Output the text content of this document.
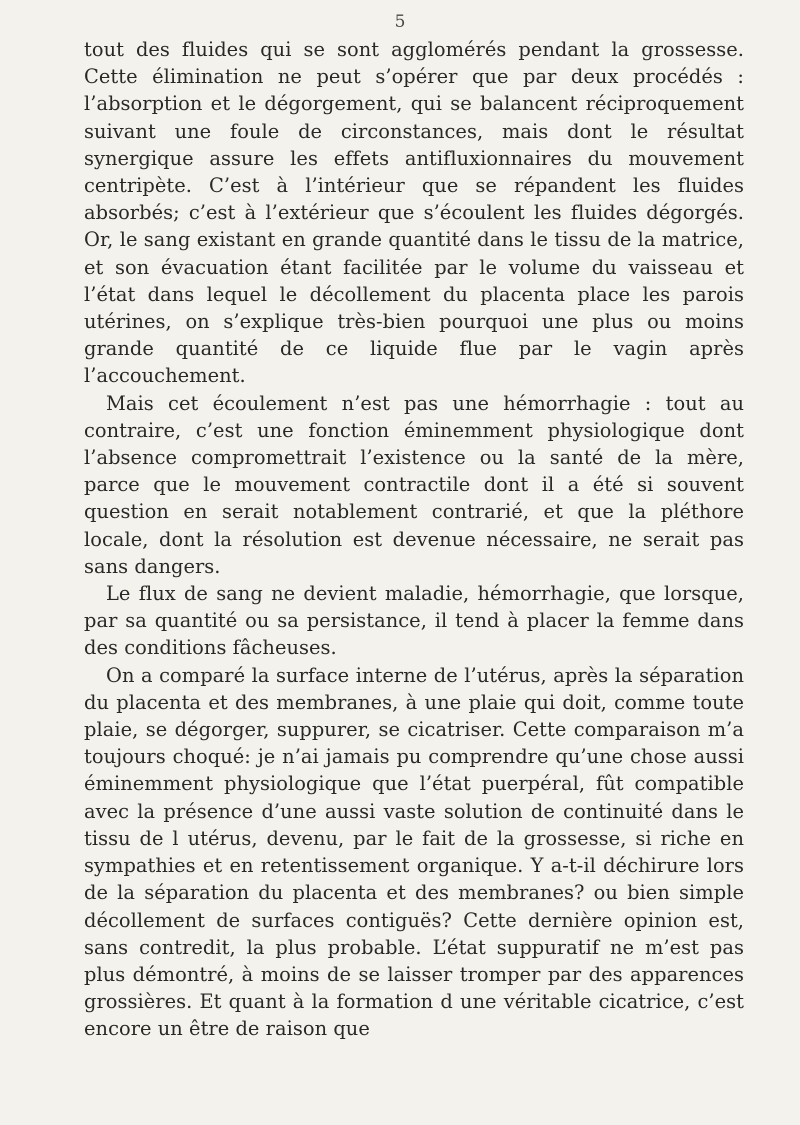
5

tout des fluides qui se sont agglomérés pendant la grossesse. Cette élimination ne peut s’opérer que par deux procédés : l’absorption et le dégorgement, qui se balancent réciproquement suivant une foule de circonstances, mais dont le résultat synergique assure les effets antifluxionnaires du mouvement centripète. C’est à l’intérieur que se répandent les fluides absorbés; c’est à l’extérieur que s’écoulent les fluides dégorgés. Or, le sang existant en grande quantité dans le tissu de la matrice, et son évacuation étant facilitée par le volume du vaisseau et l’état dans lequel le décollement du placenta place les parois utérines, on s’explique très-bien pourquoi une plus ou moins grande quantité de ce liquide flue par le vagin après l’accouchement.

Mais cet écoulement n’est pas une hémorrhagie : tout au contraire, c’est une fonction éminemment physiologique dont l’absence compromettrait l’existence ou la santé de la mère, parce que le mouvement contractile dont il a été si souvent question en serait notablement contrarié, et que la pléthore locale, dont la résolution est devenue nécessaire, ne serait pas sans dangers.

Le flux de sang ne devient maladie, hémorrhagie, que lorsque, par sa quantité ou sa persistance, il tend à placer la femme dans des conditions fâcheuses.

On a comparé la surface interne de l’utérus, après la séparation du placenta et des membranes, à une plaie qui doit, comme toute plaie, se dégorger, suppurer, se cicatriser. Cette comparaison m’a toujours choqué: je n’ai jamais pu comprendre qu’une chose aussi éminemment physiologique que l’état puerpéral, fût compatible avec la présence d’une aussi vaste solution de continuité dans le tissu de l utérus, devenu, par le fait de la grossesse, si riche en sympathies et en retentissement organique. Y a-t-il déchirure lors de la séparation du placenta et des membranes? ou bien simple décollement de surfaces contiguës? Cette dernière opinion est, sans contredit, la plus probable. L’état suppuratif ne m’est pas plus démontré, à moins de se laisser tromper par des apparences grossières. Et quant à la formation d une véritable cicatrice, c’est encore un être de raison que
